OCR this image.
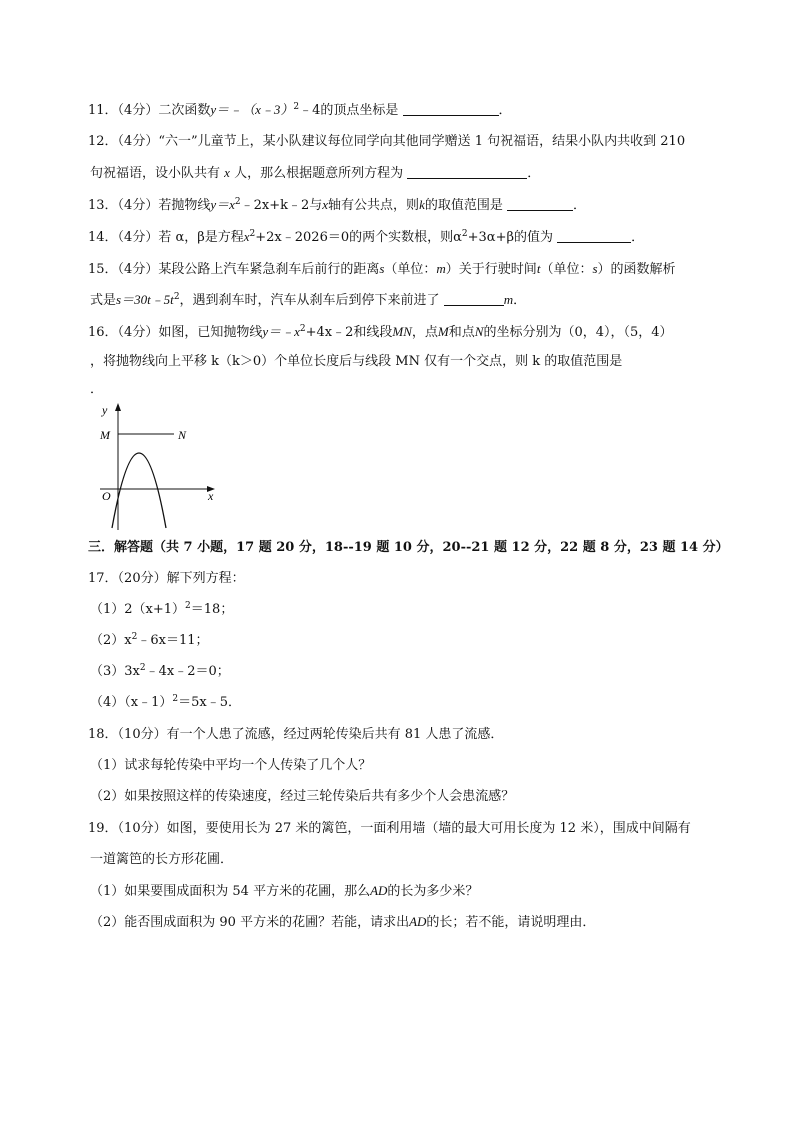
11．（4分）二次函数y＝﹣（x﹣3）$^2$﹣4的顶点坐标是	．
12．（4分）“六一”儿童节上，某小队建议每位同学向其他同学赠送 1 句祝福语，结果小队内共收到 210
句祝福语，设小队共有 x 人，那么根据题意所列方程为	．
13．（4分）若抛物线$y=x^2﹣2x+k﹣2$与x轴有公共点，则k的取值范围是	．
14．（4分）若 α，β是方程$x^2+2x﹣2026=0$的两个实数根，则$\alpha^2+3\alpha+\beta$的值为	．
15．（4分）某段公路上汽车紧急刹车后前行的距离s（单位：m）关于行驶时间t（单位：s）的函数解析
式是$s=30t﹣5t^2$，遇到刹车时，汽车从刹车后到停下来前进了	m．
16．（4分）如图，已知抛物线$y=﹣x^2+4x﹣2$和线段MN，点M和点N的坐标分别为（0，4），（5，4）
，将抛物线向上平移 k（k＞0）个单位长度后与线段 MN 仅有一个交点，则 k 的取值范围是
．
y
x
M	N
O
三．解答题（共 7 小题，17 题 20 分，18--19 题 10 分，20--21 题 12 分，22 题 8 分，23 题 14 分）
17．（20分）解下列方程：
$(1)2(x+1)^2=18$；
$(2)x^2﹣6x=11$；
$(3)3x^2﹣4x﹣2=0$；
（4）（x﹣1）$^2$＝5x﹣5．
18．（10分）有一个人患了流感，经过两轮传染后共有 81 人患了流感．
（1）试求每轮传染中平均一个人传染了几个人？
（2）如果按照这样的传染速度，经过三轮传染后共有多少个人会患流感？
19．（10分）如图，要使用长为 27 米的篱笆，一面利用墙（墙的最大可用长度为 12 米），围成中间隔有
一道篱笆的长方形花圃．
（1）如果要围成面积为 54 平方米的花圃，那么AD的长为多少米？
（2）能否围成面积为 90 平方米的花圃？若能，请求出AD的长；若不能，请说明理由．
